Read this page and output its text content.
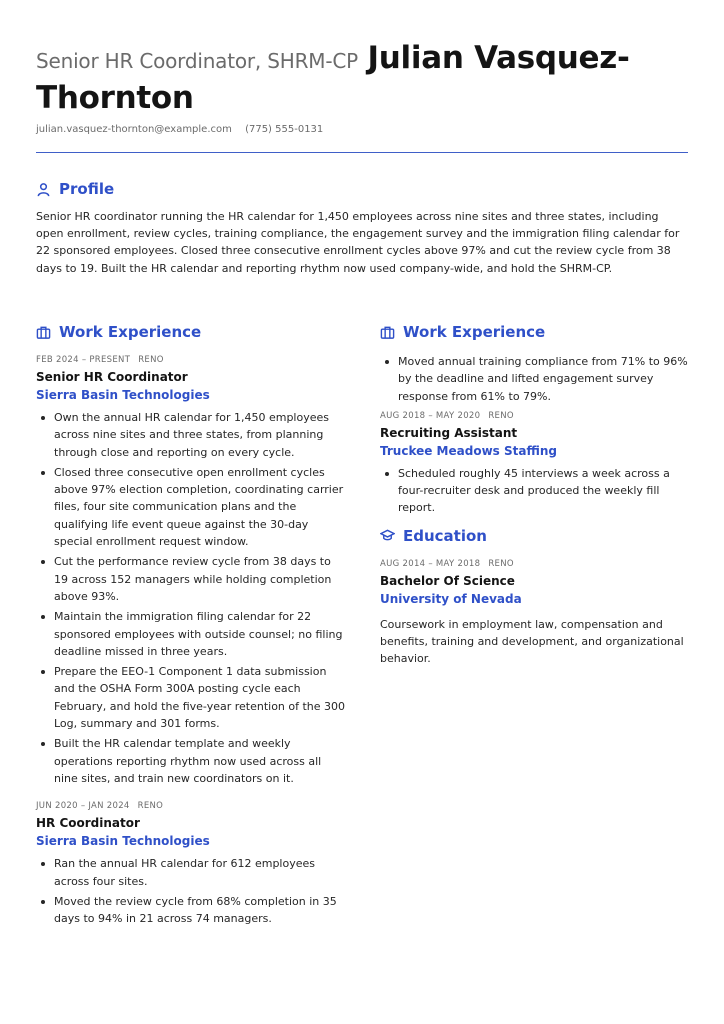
Senior HR Coordinator, SHRM-CP Julian Vasquez-Thornton
julian.vasquez-thornton@example.com (775) 555-0131
Profile

Senior HR coordinator running the HR calendar for 1,450 employees across nine sites and three states, including open enrollment, review cycles, training compliance, the engagement survey and the immigration filing calendar for 22 sponsored employees. Closed three consecutive enrollment cycles above 97% and cut the review cycle from 38 days to 19. Built the HR calendar and reporting rhythm now used company-wide, and hold the SHRM-CP.

Work Experience
FEB 2024 – PRESENT RENO
Senior HR Coordinator
Sierra Basin Technologies
Own the annual HR calendar for 1,450 employees across nine sites and three states, from planning through close and reporting on every cycle.
Closed three consecutive open enrollment cycles above 97% election completion, coordinating carrier files, four site communication plans and the qualifying life event queue against the 30-day special enrollment request window.
Cut the performance review cycle from 38 days to 19 across 152 managers while holding completion above 93%.
Maintain the immigration filing calendar for 22 sponsored employees with outside counsel; no filing deadline missed in three years.
Prepare the EEO-1 Component 1 data submission and the OSHA Form 300A posting cycle each February, and hold the five-year retention of the 300 Log, summary and 301 forms.
Built the HR calendar template and weekly operations reporting rhythm now used across all nine sites, and train new coordinators on it.
JUN 2020 – JAN 2024 RENO
HR Coordinator
Sierra Basin Technologies
Ran the annual HR calendar for 612 employees across four sites.
Moved the review cycle from 68% completion in 35 days to 94% in 21 across 74 managers.
Work Experience
Moved annual training compliance from 71% to 96% by the deadline and lifted engagement survey response from 61% to 79%.
AUG 2018 – MAY 2020 RENO
Recruiting Assistant
Truckee Meadows Staffing
Scheduled roughly 45 interviews a week across a four-recruiter desk and produced the weekly fill report.
Education
AUG 2014 – MAY 2018 RENO
Bachelor Of Science
University of Nevada
Coursework in employment law, compensation and benefits, training and development, and organizational behavior.
